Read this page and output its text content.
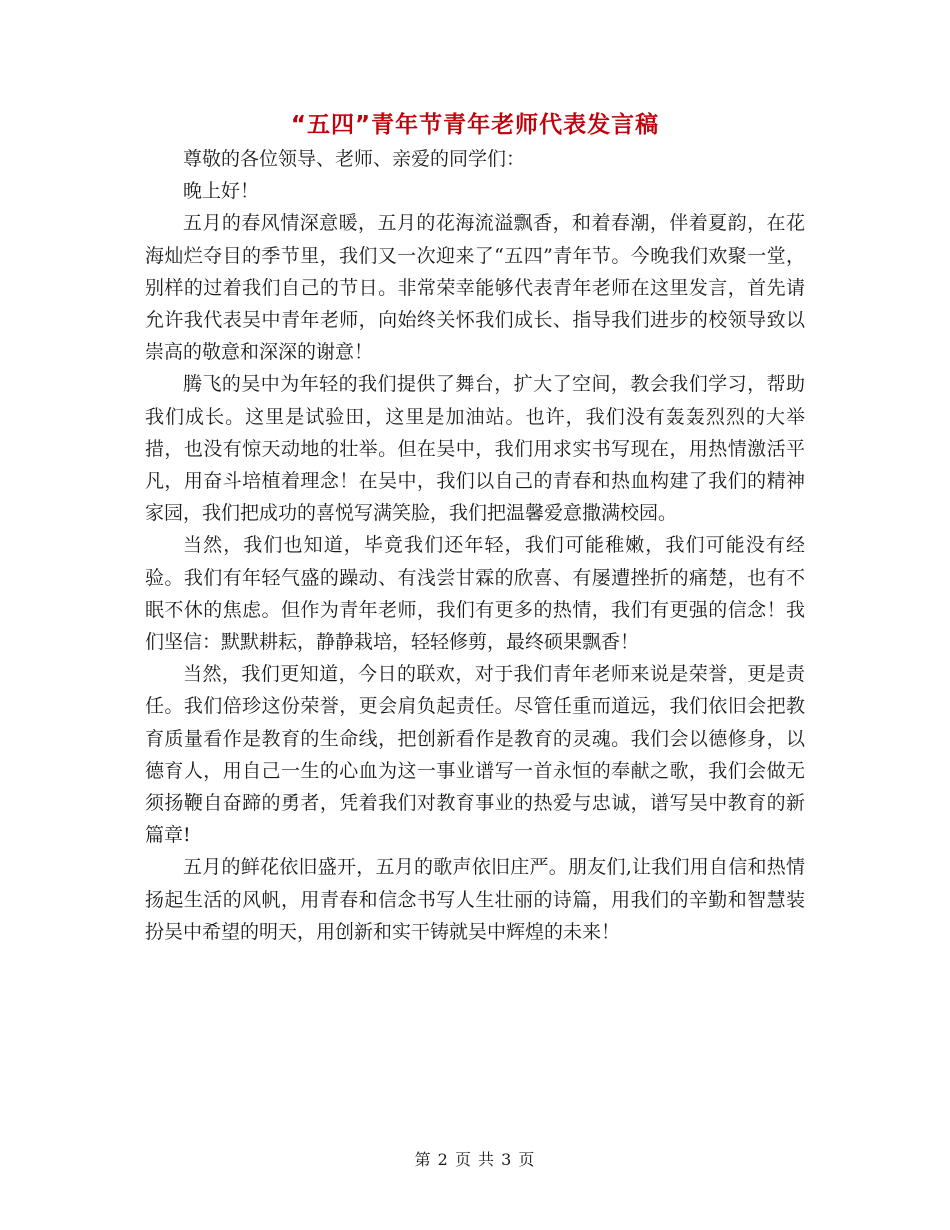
“五四”青年节青年老师代表发言稿

尊敬的各位领导、老师、亲爱的同学们：

晚上好！

五月的春风情深意暖，五月的花海流溢飘香，和着春潮，伴着夏韵，在花海灿烂夺目的季节里，我们又一次迎来了“五四”青年节。今晚我们欢聚一堂，别样的过着我们自己的节日。非常荣幸能够代表青年老师在这里发言，首先请允许我代表吴中青年老师，向始终关怀我们成长、指导我们进步的校领导致以崇高的敬意和深深的谢意！

腾飞的吴中为年轻的我们提供了舞台，扩大了空间，教会我们学习，帮助我们成长。这里是试验田，这里是加油站。也许，我们没有轰轰烈烈的大举措，也没有惊天动地的壮举。但在吴中，我们用求实书写现在，用热情激活平凡，用奋斗培植着理念！在吴中，我们以自己的青春和热血构建了我们的精神家园，我们把成功的喜悦写满笑脸，我们把温馨爱意撒满校园。

当然，我们也知道，毕竟我们还年轻，我们可能稚嫩，我们可能没有经验。我们有年轻气盛的躁动、有浅尝甘霖的欣喜、有屡遭挫折的痛楚，也有不眠不休的焦虑。但作为青年老师，我们有更多的热情，我们有更强的信念！我们坚信：默默耕耘，静静栽培，轻轻修剪，最终硕果飘香！

当然，我们更知道，今日的联欢，对于我们青年老师来说是荣誉，更是责任。我们倍珍这份荣誉，更会肩负起责任。尽管任重而道远，我们依旧会把教育质量看作是教育的生命线，把创新看作是教育的灵魂。我们会以德修身，以德育人，用自己一生的心血为这一事业谱写一首永恒的奉献之歌，我们会做无须扬鞭自奋蹄的勇者，凭着我们对教育事业的热爱与忠诚，谱写吴中教育的新篇章!

五月的鲜花依旧盛开，五月的歌声依旧庄严。朋友们,让我们用自信和热情扬起生活的风帆，用青春和信念书写人生壮丽的诗篇，用我们的辛勤和智慧装扮吴中希望的明天，用创新和实干铸就吴中辉煌的未来！

第 2 页 共 3 页
